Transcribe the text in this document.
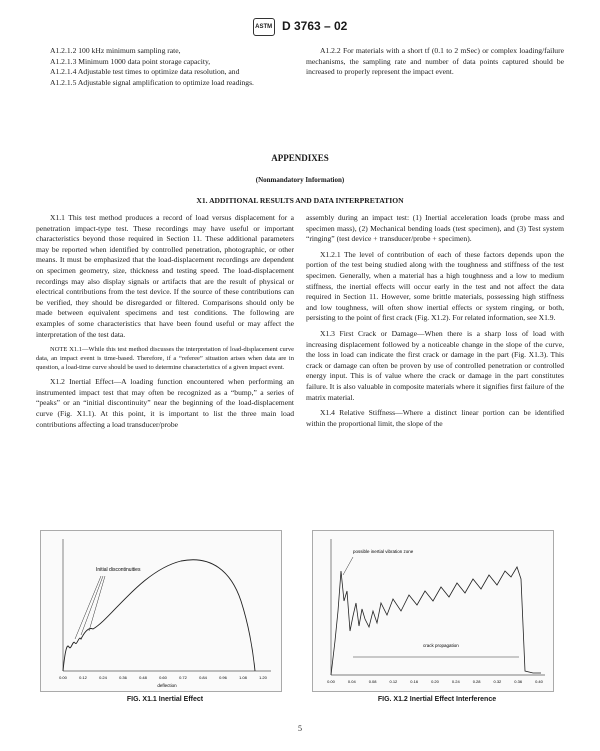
ASTM D 3763 – 02

A1.2.1.2 100 kHz minimum sampling rate,

A1.2.1.3 Minimum 1000 data point storage capacity,

A1.2.1.4 Adjustable test times to optimize data resolution, and

A1.2.1.5 Adjustable signal amplification to optimize load readings.

A1.2.2 For materials with a short tf (0.1 to 2 mSec) or complex loading/failure mechanisms, the sampling rate and number of data points captured should be increased to properly represent the impact event.

APPENDIXES
(Nonmandatory Information)
X1. ADDITIONAL RESULTS AND DATA INTERPRETATION

X1.1 This test method produces a record of load versus displacement for a penetration impact-type test. These recordings may have useful or important characteristics beyond those required in Section 11. These additional parameters may be reported when identified by controlled penetration, photographic, or other means. It must be emphasized that the load-displacement recordings are dependent on specimen geometry, size, thickness and testing speed. The load-displacement recordings may also display signals or artifacts that are the result of physical or electrical contributions from the test device. If the source of these contributions can be verified, they should be disregarded or filtered. Comparisons should only be made between equivalent specimens and test conditions. The following are examples of some characteristics that have been found useful or may affect the interpretation of the test data.

NOTE X1.1—While this test method discusses the interpretation of load-displacement curve data, an impact event is time-based. Therefore, if a “referee” situation arises when data are in question, a load-time curve should be used to determine characteristics of a given impact event.

X1.2 Inertial Effect—A loading function encountered when performing an instrumented impact test that may often be recognized as a “bump,” a series of “peaks” or an “initial discontinuity” near the beginning of the load-displacement curve (Fig. X1.1). At this point, it is important to list the three main load contributions affecting a load transducer/probe

assembly during an impact test: (1) Inertial acceleration loads (probe mass and specimen mass), (2) Mechanical bending loads (test specimen), and (3) Test system “ringing” (test device + transducer/probe + specimen).

X1.2.1 The level of contribution of each of these factors depends upon the portion of the test being studied along with the toughness and stiffness of the test specimen. Generally, when a material has a high toughness and a low to medium stiffness, the inertial effects will occur early in the test and not affect the data required in Section 11. However, some brittle materials, possessing high stiffness and low toughness, will often show inertial effects or system ringing, or both, persisting to the point of first crack (Fig. X1.2). For related information, see X1.9.

X1.3 First Crack or Damage—When there is a sharp loss of load with increasing displacement followed by a noticeable change in the slope of the curve, the loss in load can indicate the first crack or damage in the part (Fig. X1.3). This crack or damage can often be proven by use of controlled penetration or controlled energy input. This is of value where the crack or damage in the part constitutes failure. It is also valuable in composite materials where it signifies first failure of the matrix material.

X1.4 Relative Stiffness—Where a distinct linear portion can be identified within the proportional limit, the slope of the

Initial discontinuities
0.00	0.12	0.24	0.36	0.48	0.60	0.72	0.84	0.96	1.08	1.20
deflection
FIG. X1.1 Inertial Effect
possible inertial vibration zone
crack propagation
0.00	0.04	0.08	0.12	0.16	0.20	0.24	0.28	0.32	0.36	0.40
FIG. X1.2 Inertial Effect Interference
5
